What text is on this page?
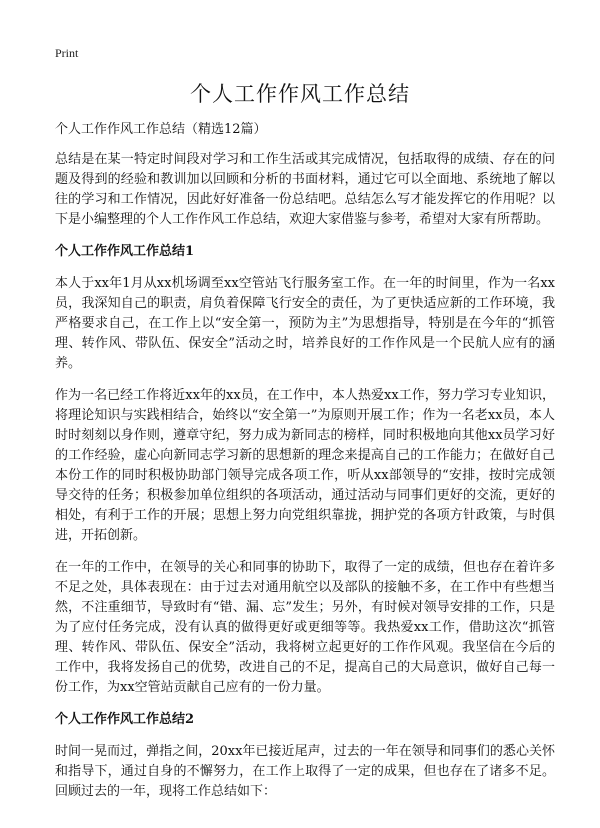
Print
个人工作作风工作总结
个人工作作风工作总结（精选12篇）

总结是在某一特定时间段对学习和工作生活或其完成情况，包括取得的成绩、存在的问题及得到的经验和教训加以回顾和分析的书面材料，通过它可以全面地、系统地了解以往的学习和工作情况，因此好好准备一份总结吧。总结怎么写才能发挥它的作用呢？以下是小编整理的个人工作作风工作总结，欢迎大家借鉴与参考，希望对大家有所帮助。

个人工作作风工作总结1

本人于xx年1月从xx机场调至xx空管站飞行服务室工作。在一年的时间里，作为一名xx员，我深知自己的职责，肩负着保障飞行安全的责任，为了更快适应新的工作环境，我严格要求自己，在工作上以“安全第一，预防为主”为思想指导，特别是在今年的“抓管理、转作风、带队伍、保安全”活动之时，培养良好的工作作风是一个民航人应有的涵养。

作为一名已经工作将近xx年的xx员，在工作中，本人热爱xx工作，努力学习专业知识，将理论知识与实践相结合，始终以“安全第一”为原则开展工作；作为一名老xx员，本人时时刻刻以身作则，遵章守纪，努力成为新同志的榜样，同时积极地向其他xx员学习好的工作经验，虚心向新同志学习新的思想新的理念来提高自己的工作能力；在做好自己本份工作的同时积极协助部门领导完成各项工作，听从xx部领导的“安排，按时完成领导交待的任务；积极参加单位组织的各项活动，通过活动与同事们更好的交流，更好的相处，有利于工作的开展；思想上努力向党组织靠拢，拥护党的各项方针政策，与时俱进，开拓创新。

在一年的工作中，在领导的关心和同事的协助下，取得了一定的成绩，但也存在着许多不足之处，具体表现在：由于过去对通用航空以及部队的接触不多，在工作中有些想当然，不注重细节，导致时有“错、漏、忘”发生；另外，有时候对领导安排的工作，只是为了应付任务完成，没有认真的做得更好或更细等等。我热爱xx工作，借助这次“抓管理、转作风、带队伍、保安全”活动，我将树立起更好的工作作风观。我坚信在今后的工作中，我将发扬自己的优势，改进自己的不足，提高自己的大局意识，做好自己每一份工作，为xx空管站贡献自己应有的一份力量。

个人工作作风工作总结2

时间一晃而过，弹指之间，20xx年已接近尾声，过去的一年在领导和同事们的悉心关怀和指导下，通过自身的不懈努力，在工作上取得了一定的成果，但也存在了诸多不足。回顾过去的一年，现将工作总结如下：
